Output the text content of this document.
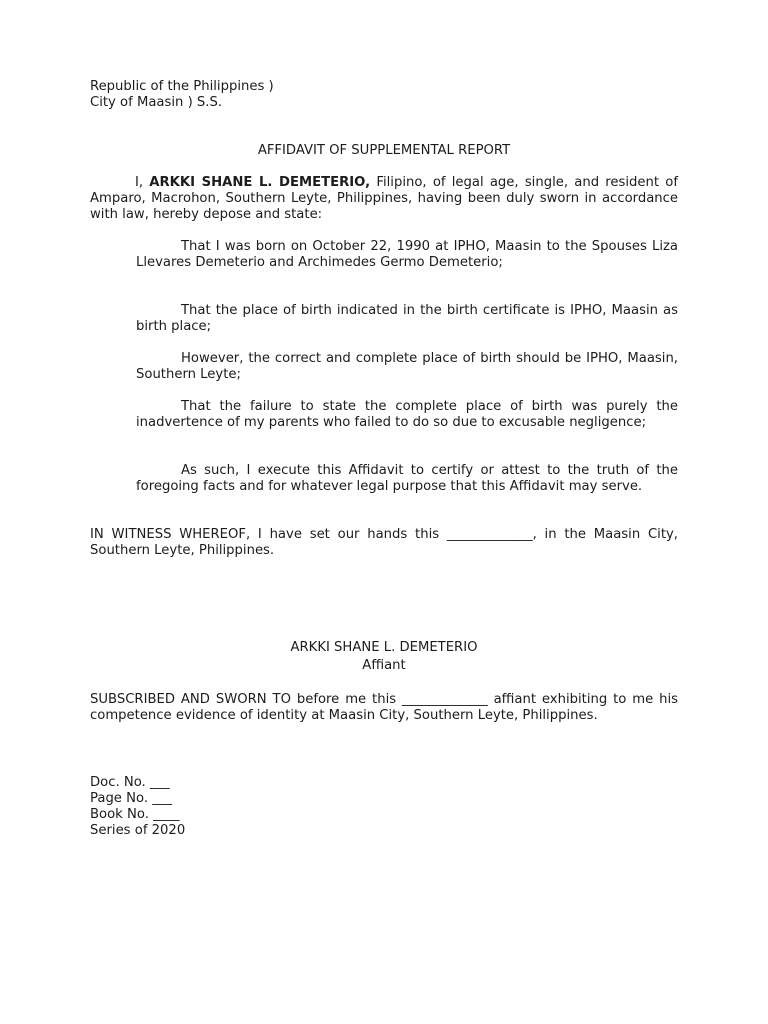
Republic of the Philippines )
City of Maasin ) S.S.
AFFIDAVIT OF SUPPLEMENTAL REPORT
I, ARKKI SHANE L. DEMETERIO, Filipino, of legal age, single, and resident of Amparo, Macrohon, Southern Leyte, Philippines, having been duly sworn in accordance with law, hereby depose and state:
That I was born on October 22, 1990 at IPHO, Maasin to the Spouses Liza Llevares Demeterio and Archimedes Germo Demeterio;
That the place of birth indicated in the birth certificate is IPHO, Maasin as birth place;
However, the correct and complete place of birth should be IPHO, Maasin, Southern Leyte;
That the failure to state the complete place of birth was purely the inadvertence of my parents who failed to do so due to excusable negligence;
As such, I execute this Affidavit to certify or attest to the truth of the foregoing facts and for whatever legal purpose that this Affidavit may serve.
IN WITNESS WHEREOF, I have set our hands this _____________, in the Maasin City, Southern Leyte, Philippines.
ARKKI SHANE L. DEMETERIO
Affiant
SUBSCRIBED AND SWORN TO before me this _____________ affiant exhibiting to me his competence evidence of identity at Maasin City, Southern Leyte, Philippines.
Doc. No. ___
Page No. ___
Book No. ____
Series of 2020
